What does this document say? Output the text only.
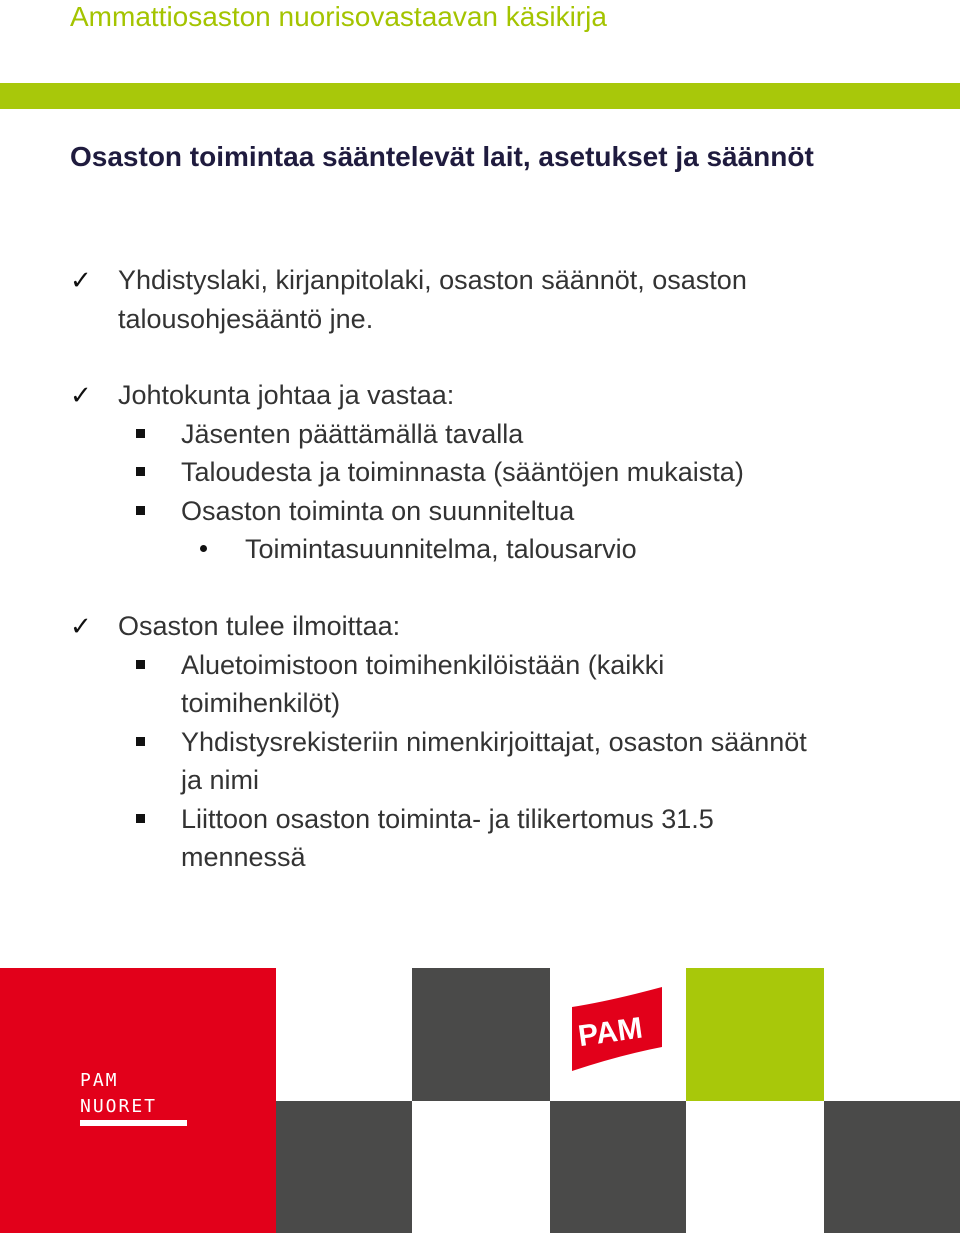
Ammattiosaston nuorisovastaavan käsikirja
Osaston toimintaa sääntelevät lait, asetukset ja säännöt
✓ Yhdistyslaki, kirjanpitolaki, osaston säännöt, osaston
talousohjesääntö jne.
✓ Johtokunta johtaa ja vastaa:
Jäsenten päättämällä tavalla
Taloudesta ja toiminnasta (sääntöjen mukaista)
Osaston toiminta on suunniteltua
Toimintasuunnitelma, talousarvio
✓ Osaston tulee ilmoittaa:
Aluetoimistoon toimihenkilöistään (kaikki
toimihenkilöt)
Yhdistysrekisteriin nimenkirjoittajat, osaston säännöt
ja nimi
Liittoon osaston toiminta- ja tilikertomus 31.5
mennessä
PAM
NUORET
PAM
